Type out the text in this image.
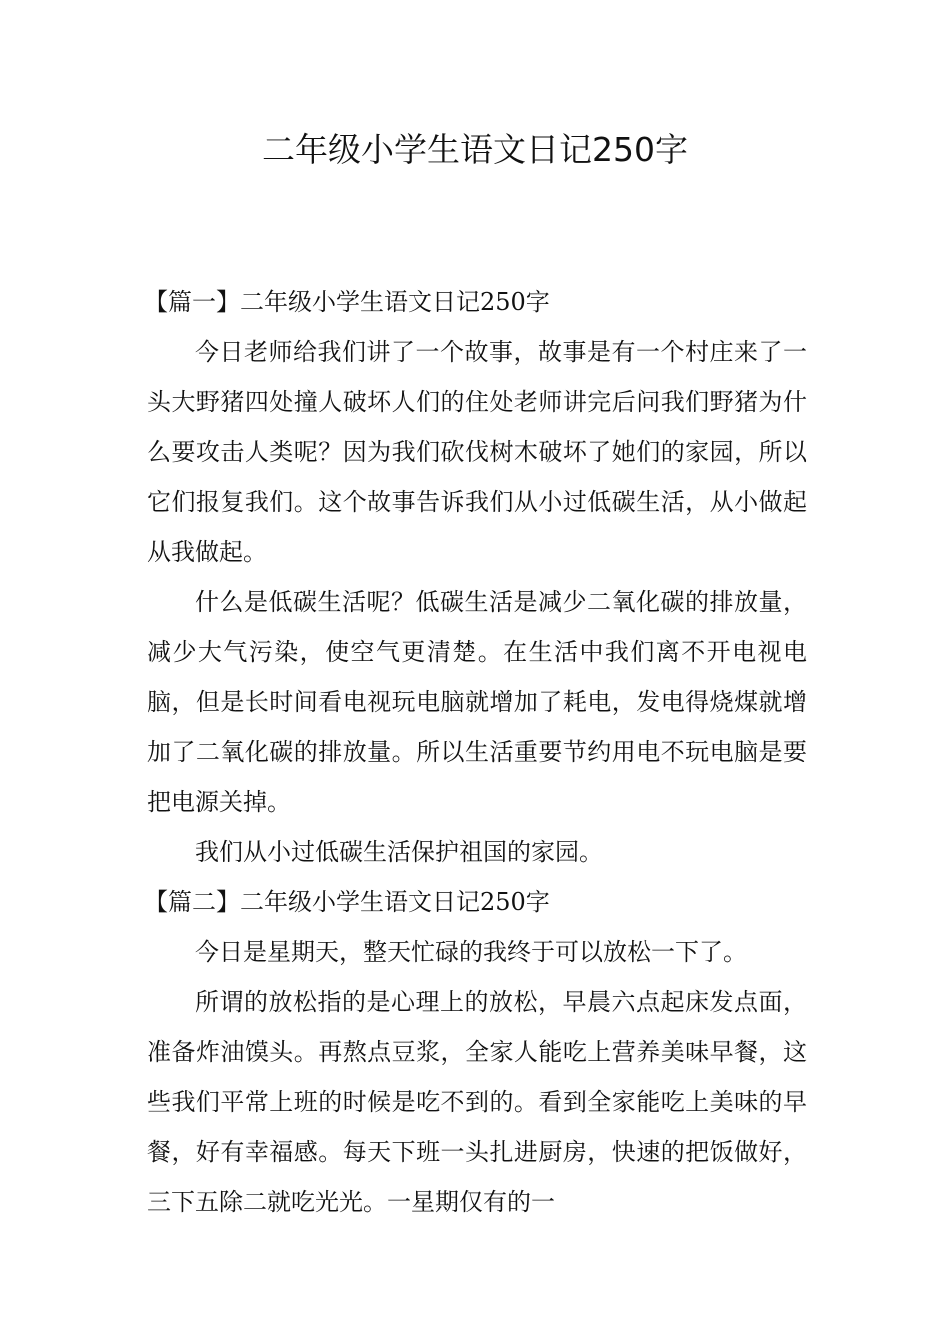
二年级小学生语文日记250字

【篇一】二年级小学生语文日记250字

今日老师给我们讲了一个故事，故事是有一个村庄来了一头大野猪四处撞人破坏人们的住处老师讲完后问我们野猪为什么要攻击人类呢？因为我们砍伐树木破坏了她们的家园，所以它们报复我们。这个故事告诉我们从小过低碳生活，从小做起从我做起。

什么是低碳生活呢？低碳生活是减少二氧化碳的排放量，减少大气污染，使空气更清楚。在生活中我们离不开电视电脑，但是长时间看电视玩电脑就增加了耗电，发电得烧煤就增加了二氧化碳的排放量。所以生活重要节约用电不玩电脑是要把电源关掉。

我们从小过低碳生活保护祖国的家园。

【篇二】二年级小学生语文日记250字

今日是星期天，整天忙碌的我终于可以放松一下了。

所谓的放松指的是心理上的放松，早晨六点起床发点面，准备炸油馍头。再熬点豆浆，全家人能吃上营养美味早餐，这些我们平常上班的时候是吃不到的。看到全家能吃上美味的早餐，好有幸福感。每天下班一头扎进厨房，快速的把饭做好，三下五除二就吃光光。一星期仅有的一
